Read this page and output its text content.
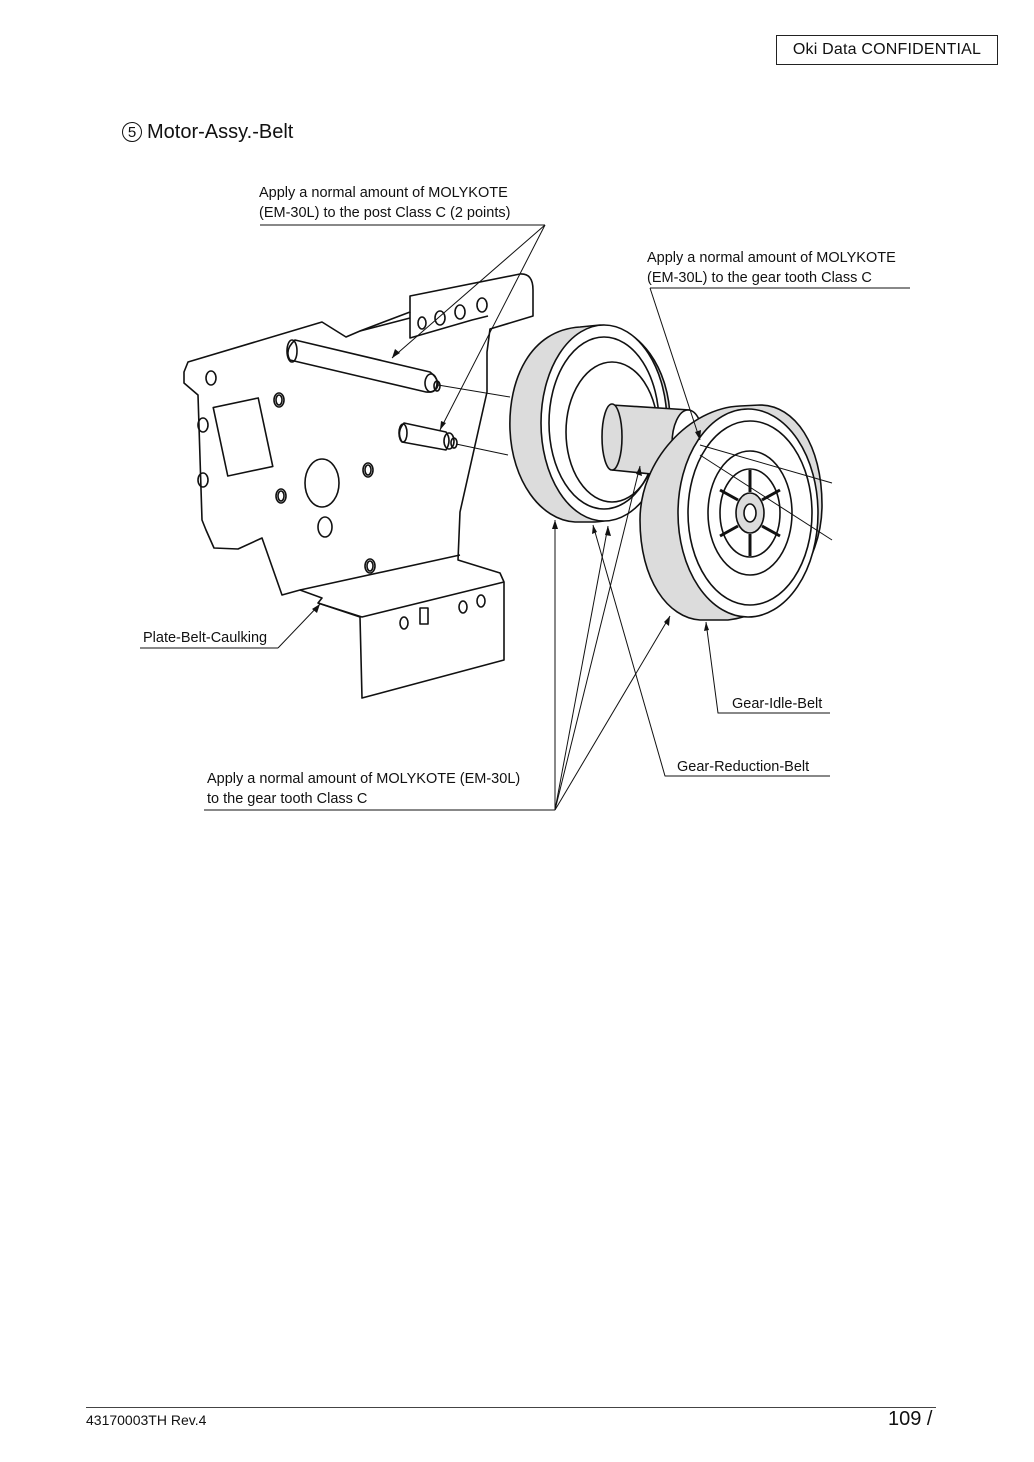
Oki Data CONFIDENTIAL
5 Motor-Assy.-Belt
Apply a normal amount of MOLYKOTE
(EM-30L) to the post Class C (2 points)
Apply a normal amount of MOLYKOTE
(EM-30L) to the gear tooth Class C
Plate-Belt-Caulking
Gear-Idle-Belt
Gear-Reduction-Belt
Apply a normal amount of MOLYKOTE (EM-30L)
to the gear tooth Class C
43170003TH Rev.4	109 /
